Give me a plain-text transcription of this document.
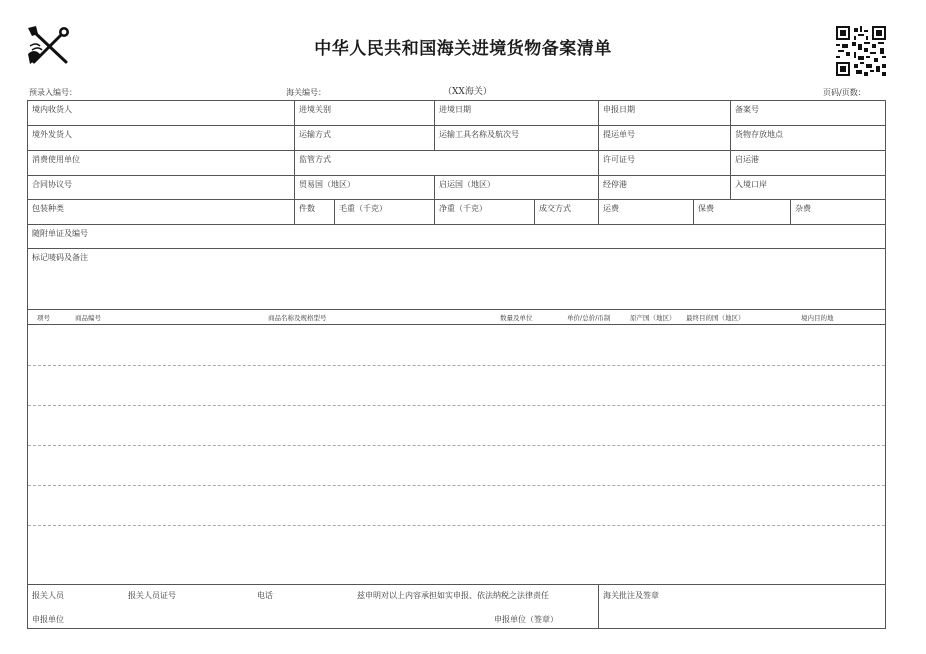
中华人民共和国海关进境货物备案清单
预录入编号：	（XX海关）
海关编号：	页码/页数：
境内收货人	进境关别	进境日期	申报日期	备案号
境外发货人	运输方式	运输工具名称及航次号	提运单号	货物存放地点
消费使用单位	监管方式	许可证号	启运港
合同协议号	贸易国（地区）	启运国（地区）	经停港	入境口岸
包装种类	件数	毛重（千克）	净重（千克）	成交方式	运费	保费	杂费
随附单证及编号
标记唛码及备注
项号	商品编号	商品名称及规格型号	数量及单位	单价/总价/币制	原产国（地区） 最终目的国（地区）	境内目的地
报关人员	报关人员证号	电话	兹申明对以上内容承担如实申报、依法纳税之法律责任	海关批注及签章
申报单位	申报单位（签章）
